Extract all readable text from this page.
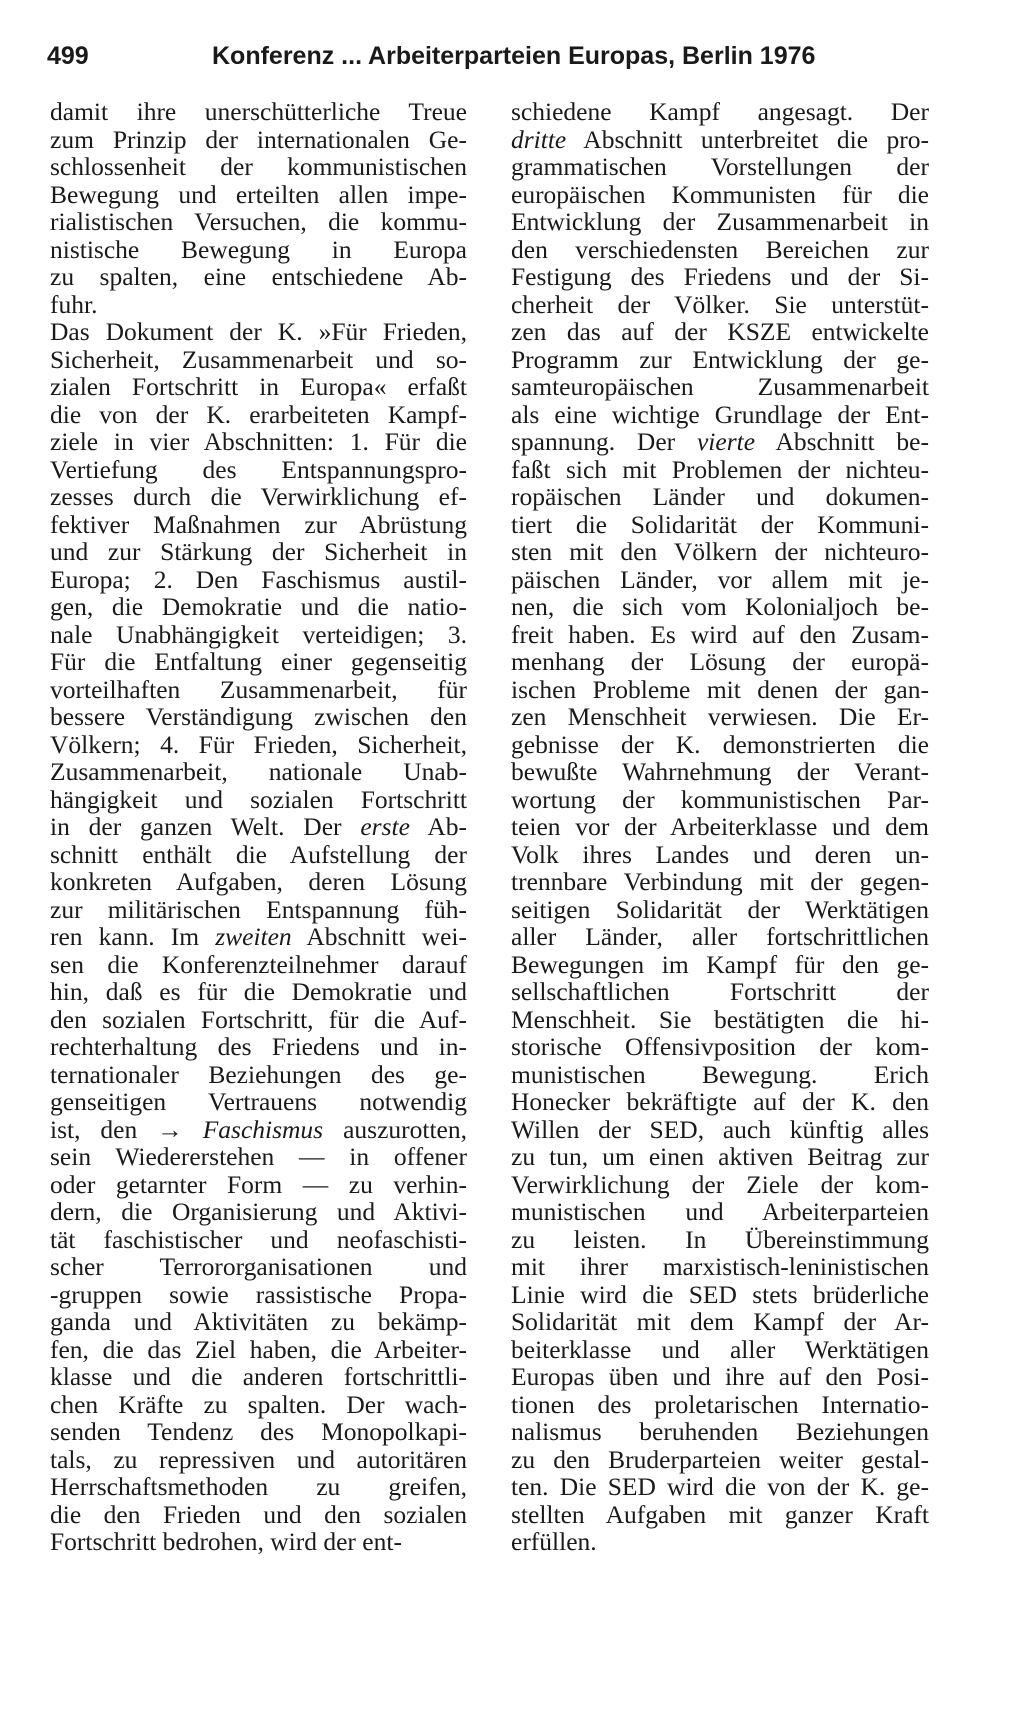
499	Konferenz ... Arbeiterparteien Europas, Berlin 1976
damit ihre unerschütterliche Treue
zum Prinzip der internationalen Ge-
schlossenheit der kommunistischen
Bewegung und erteilten allen impe-
rialistischen Versuchen, die kommu-
nistische Bewegung in Europa
zu spalten, eine entschiedene Ab-
fuhr.
Das Dokument der K. »Für Frieden,
Sicherheit, Zusammenarbeit und so-
zialen Fortschritt in Europa« erfaßt
die von der K. erarbeiteten Kampf-
ziele in vier Abschnitten: 1. Für die
Vertiefung des Entspannungspro-
zesses durch die Verwirklichung ef-
fektiver Maßnahmen zur Abrüstung
und zur Stärkung der Sicherheit in
Europa; 2. Den Faschismus austil-
gen, die Demokratie und die natio-
nale Unabhängigkeit verteidigen; 3.
Für die Entfaltung einer gegenseitig
vorteilhaften Zusammenarbeit, für
bessere Verständigung zwischen den
Völkern; 4. Für Frieden, Sicherheit,
Zusammenarbeit, nationale Unab-
hängigkeit und sozialen Fortschritt
in der ganzen Welt. Der erste Ab-
schnitt enthält die Aufstellung der
konkreten Aufgaben, deren Lösung
zur militärischen Entspannung füh-
ren kann. Im zweiten Abschnitt wei-
sen die Konferenzteilnehmer darauf
hin, daß es für die Demokratie und
den sozialen Fortschritt, für die Auf-
rechterhaltung des Friedens und in-
ternationaler Beziehungen des ge-
genseitigen Vertrauens notwendig
ist, den → Faschismus auszurotten,
sein Wiedererstehen — in offener
oder getarnter Form — zu verhin-
dern, die Organisierung und Aktivi-
tät faschistischer und neofaschisti-
scher Terrororganisationen und
-gruppen sowie rassistische Propa-
ganda und Aktivitäten zu bekämp-
fen, die das Ziel haben, die Arbeiter-
klasse und die anderen fortschrittli-
chen Kräfte zu spalten. Der wach-
senden Tendenz des Monopolkapi-
tals, zu repressiven und autoritären
Herrschaftsmethoden zu greifen,
die den Frieden und den sozialen
Fortschritt bedrohen, wird der ent-
schiedene Kampf angesagt. Der
dritte Abschnitt unterbreitet die pro-
grammatischen Vorstellungen der
europäischen Kommunisten für die
Entwicklung der Zusammenarbeit in
den verschiedensten Bereichen zur
Festigung des Friedens und der Si-
cherheit der Völker. Sie unterstüt-
zen das auf der KSZE entwickelte
Programm zur Entwicklung der ge-
samteuropäischen Zusammenarbeit
als eine wichtige Grundlage der Ent-
spannung. Der vierte Abschnitt be-
faßt sich mit Problemen der nichteu-
ropäischen Länder und dokumen-
tiert die Solidarität der Kommuni-
sten mit den Völkern der nichteuro-
päischen Länder, vor allem mit je-
nen, die sich vom Kolonialjoch be-
freit haben. Es wird auf den Zusam-
menhang der Lösung der europä-
ischen Probleme mit denen der gan-
zen Menschheit verwiesen. Die Er-
gebnisse der K. demonstrierten die
bewußte Wahrnehmung der Verant-
wortung der kommunistischen Par-
teien vor der Arbeiterklasse und dem
Volk ihres Landes und deren un-
trennbare Verbindung mit der gegen-
seitigen Solidarität der Werktätigen
aller Länder, aller fortschrittlichen
Bewegungen im Kampf für den ge-
sellschaftlichen Fortschritt der
Menschheit. Sie bestätigten die hi-
storische Offensivposition der kom-
munistischen Bewegung. Erich
Honecker bekräftigte auf der K. den
Willen der SED, auch künftig alles
zu tun, um einen aktiven Beitrag zur
Verwirklichung der Ziele der kom-
munistischen und Arbeiterparteien
zu leisten. In Übereinstimmung
mit ihrer marxistisch-leninistischen
Linie wird die SED stets brüderliche
Solidarität mit dem Kampf der Ar-
beiterklasse und aller Werktätigen
Europas üben und ihre auf den Posi-
tionen des proletarischen Internatio-
nalismus beruhenden Beziehungen
zu den Bruderparteien weiter gestal-
ten. Die SED wird die von der K. ge-
stellten Aufgaben mit ganzer Kraft
erfüllen.
